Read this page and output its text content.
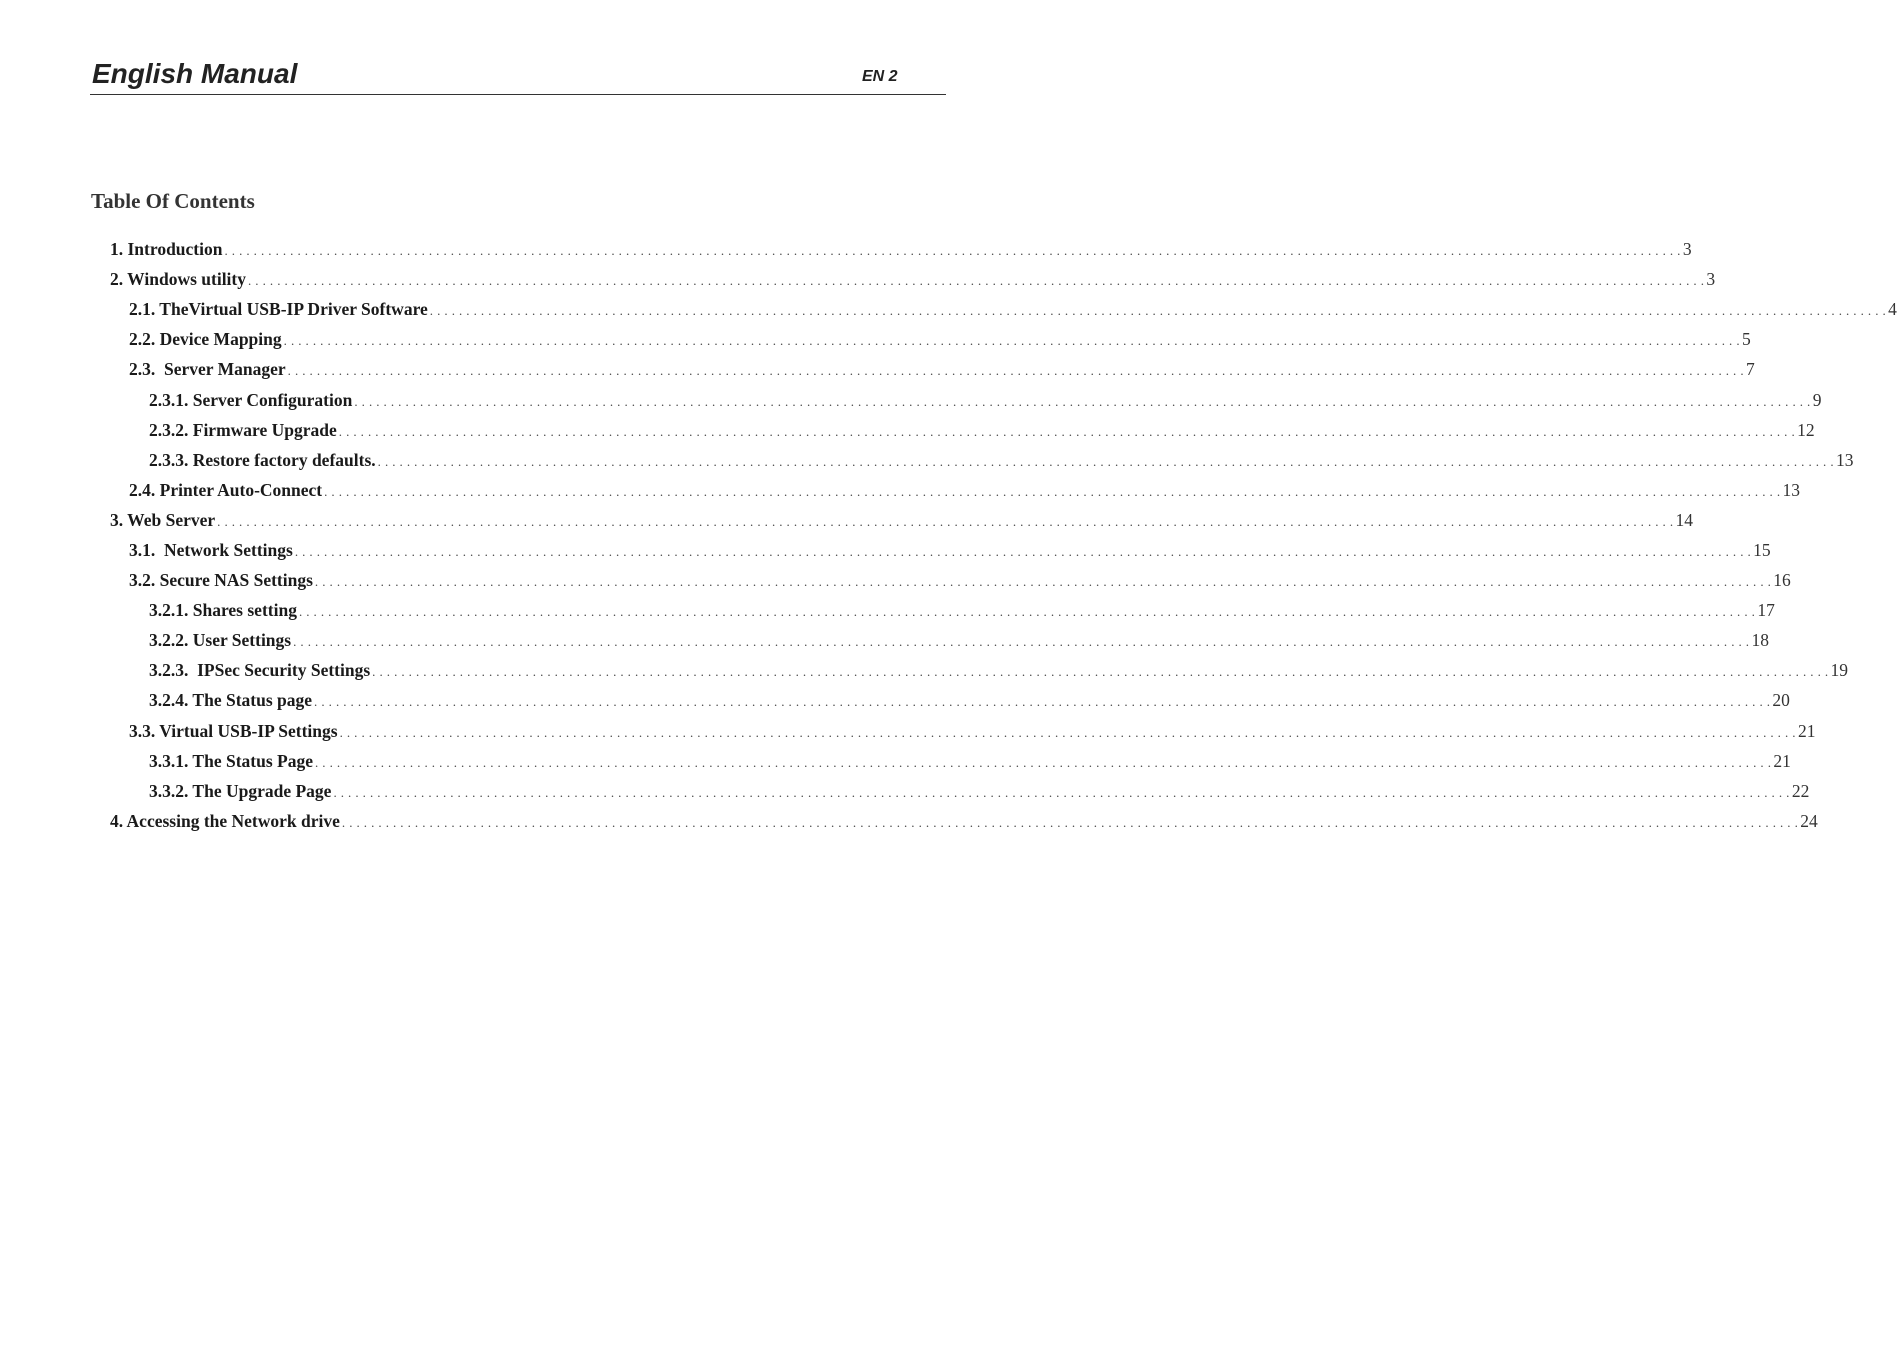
English Manual	EN 2
Table Of Contents
1. Introduction . . . . . . . . . . . . . . . . . . . . . . . . . . . . . . . . . . . . . . . . . . . . . . . . . . . . . . . . . . . . . . . . . . . . . . . . . . . . . . . . . . . . . . . . . . . . . . . . . . . . . . . . . . . . . . . . . . . . . . . . . . . . . . . . . . . . . . . . . . . . . . . . . . . . . . . . . . . . . . . . . . . . . . . . . . . . . . . . . . . . . . . . . . . . . . . . . . . . . . . . 3
2. Windows utility . . . . . . . . . . . . . . . . . . . . . . . . . . . . . . . . . . . . . . . . . . . . . . . . . . . . . . . . . . . . . . . . . . . . . . . . . . . . . . . . . . . . . . . . . . . . . . . . . . . . . . . . . . . . . . . . . . . . . . . . . . . . . . . . . . . . . . . . . . . . . . . . . . . . . . . . . . . . . . . . . . . . . . . . . . . . . . . . . . . . . . . . . . . . . . . . . . . . . . . . 3
2.1. TheVirtual USB-IP Driver Software . . . . . . . . . . . . . . . . . . . . . . . . . . . . . . . . . . . . . . . . . . . . . . . . . . . . . . . . . . . . . . . . . . . . . . . . . . . . . . . . . . . . . . . . . . . . . . . . . . . . . . . . . . . . . . . . . . . . . . . . . . . . . . . . . . . . . . . . . . . . . . . . . . . . . . . . . . . . . . . . . . . . . . . . . . . . . . . . . . . . . . . . . . . . . . . . . . . . . . . . 4
2.2. Device Mapping . . . . . . . . . . . . . . . . . . . . . . . . . . . . . . . . . . . . . . . . . . . . . . . . . . . . . . . . . . . . . . . . . . . . . . . . . . . . . . . . . . . . . . . . . . . . . . . . . . . . . . . . . . . . . . . . . . . . . . . . . . . . . . . . . . . . . . . . . . . . . . . . . . . . . . . . . . . . . . . . . . . . . . . . . . . . . . . . . . . . . . . . . . . . . . . . . . . . . . . . 5
2.3.  Server Manager . . . . . . . . . . . . . . . . . . . . . . . . . . . . . . . . . . . . . . . . . . . . . . . . . . . . . . . . . . . . . . . . . . . . . . . . . . . . . . . . . . . . . . . . . . . . . . . . . . . . . . . . . . . . . . . . . . . . . . . . . . . . . . . . . . . . . . . . . . . . . . . . . . . . . . . . . . . . . . . . . . . . . . . . . . . . . . . . . . . . . . . . . . . . . . . . . . . . . . . . 7
2.3.1. Server Configuration . . . . . . . . . . . . . . . . . . . . . . . . . . . . . . . . . . . . . . . . . . . . . . . . . . . . . . . . . . . . . . . . . . . . . . . . . . . . . . . . . . . . . . . . . . . . . . . . . . . . . . . . . . . . . . . . . . . . . . . . . . . . . . . . . . . . . . . . . . . . . . . . . . . . . . . . . . . . . . . . . . . . . . . . . . . . . . . . . . . . . . . . . . . . . . . . . . . . . . . . 9
2.3.2. Firmware Upgrade . . . . . . . . . . . . . . . . . . . . . . . . . . . . . . . . . . . . . . . . . . . . . . . . . . . . . . . . . . . . . . . . . . . . . . . . . . . . . . . . . . . . . . . . . . . . . . . . . . . . . . . . . . . . . . . . . . . . . . . . . . . . . . . . . . . . . . . . . . . . . . . . . . . . . . . . . . . . . . . . . . . . . . . . . . . . . . . . . . . . . . . . . . . . . . . . . . . . . . . . 12
2.3.3. Restore factory defaults. . . . . . . . . . . . . . . . . . . . . . . . . . . . . . . . . . . . . . . . . . . . . . . . . . . . . . . . . . . . . . . . . . . . . . . . . . . . . . . . . . . . . . . . . . . . . . . . . . . . . . . . . . . . . . . . . . . . . . . . . . . . . . . . . . . . . . . . . . . . . . . . . . . . . . . . . . . . . . . . . . . . . . . . . . . . . . . . . . . . . . . . . . . . . . . . . . . . . . . . . 13
2.4. Printer Auto-Connect . . . . . . . . . . . . . . . . . . . . . . . . . . . . . . . . . . . . . . . . . . . . . . . . . . . . . . . . . . . . . . . . . . . . . . . . . . . . . . . . . . . . . . . . . . . . . . . . . . . . . . . . . . . . . . . . . . . . . . . . . . . . . . . . . . . . . . . . . . . . . . . . . . . . . . . . . . . . . . . . . . . . . . . . . . . . . . . . . . . . . . . . . . . . . . . . . . . . . . . . 13
3. Web Server . . . . . . . . . . . . . . . . . . . . . . . . . . . . . . . . . . . . . . . . . . . . . . . . . . . . . . . . . . . . . . . . . . . . . . . . . . . . . . . . . . . . . . . . . . . . . . . . . . . . . . . . . . . . . . . . . . . . . . . . . . . . . . . . . . . . . . . . . . . . . . . . . . . . . . . . . . . . . . . . . . . . . . . . . . . . . . . . . . . . . . . . . . . . . . . . . . . . . . . . 14
3.1.  Network Settings . . . . . . . . . . . . . . . . . . . . . . . . . . . . . . . . . . . . . . . . . . . . . . . . . . . . . . . . . . . . . . . . . . . . . . . . . . . . . . . . . . . . . . . . . . . . . . . . . . . . . . . . . . . . . . . . . . . . . . . . . . . . . . . . . . . . . . . . . . . . . . . . . . . . . . . . . . . . . . . . . . . . . . . . . . . . . . . . . . . . . . . . . . . . . . . . . . . . . . . . 15
3.2. Secure NAS Settings . . . . . . . . . . . . . . . . . . . . . . . . . . . . . . . . . . . . . . . . . . . . . . . . . . . . . . . . . . . . . . . . . . . . . . . . . . . . . . . . . . . . . . . . . . . . . . . . . . . . . . . . . . . . . . . . . . . . . . . . . . . . . . . . . . . . . . . . . . . . . . . . . . . . . . . . . . . . . . . . . . . . . . . . . . . . . . . . . . . . . . . . . . . . . . . . . . . . . . . . 16
3.2.1. Shares setting . . . . . . . . . . . . . . . . . . . . . . . . . . . . . . . . . . . . . . . . . . . . . . . . . . . . . . . . . . . . . . . . . . . . . . . . . . . . . . . . . . . . . . . . . . . . . . . . . . . . . . . . . . . . . . . . . . . . . . . . . . . . . . . . . . . . . . . . . . . . . . . . . . . . . . . . . . . . . . . . . . . . . . . . . . . . . . . . . . . . . . . . . . . . . . . . . . . . . . . . 17
3.2.2. User Settings . . . . . . . . . . . . . . . . . . . . . . . . . . . . . . . . . . . . . . . . . . . . . . . . . . . . . . . . . . . . . . . . . . . . . . . . . . . . . . . . . . . . . . . . . . . . . . . . . . . . . . . . . . . . . . . . . . . . . . . . . . . . . . . . . . . . . . . . . . . . . . . . . . . . . . . . . . . . . . . . . . . . . . . . . . . . . . . . . . . . . . . . . . . . . . . . . . . . . . . . 18
3.2.3.  IPSec Security Settings . . . . . . . . . . . . . . . . . . . . . . . . . . . . . . . . . . . . . . . . . . . . . . . . . . . . . . . . . . . . . . . . . . . . . . . . . . . . . . . . . . . . . . . . . . . . . . . . . . . . . . . . . . . . . . . . . . . . . . . . . . . . . . . . . . . . . . . . . . . . . . . . . . . . . . . . . . . . . . . . . . . . . . . . . . . . . . . . . . . . . . . . . . . . . . . . . . . . . . . . 19
3.2.4. The Status page . . . . . . . . . . . . . . . . . . . . . . . . . . . . . . . . . . . . . . . . . . . . . . . . . . . . . . . . . . . . . . . . . . . . . . . . . . . . . . . . . . . . . . . . . . . . . . . . . . . . . . . . . . . . . . . . . . . . . . . . . . . . . . . . . . . . . . . . . . . . . . . . . . . . . . . . . . . . . . . . . . . . . . . . . . . . . . . . . . . . . . . . . . . . . . . . . . . . . . . . 20
3.3. Virtual USB-IP Settings . . . . . . . . . . . . . . . . . . . . . . . . . . . . . . . . . . . . . . . . . . . . . . . . . . . . . . . . . . . . . . . . . . . . . . . . . . . . . . . . . . . . . . . . . . . . . . . . . . . . . . . . . . . . . . . . . . . . . . . . . . . . . . . . . . . . . . . . . . . . . . . . . . . . . . . . . . . . . . . . . . . . . . . . . . . . . . . . . . . . . . . . . . . . . . . . . . . . . . . . 21
3.3.1. The Status Page . . . . . . . . . . . . . . . . . . . . . . . . . . . . . . . . . . . . . . . . . . . . . . . . . . . . . . . . . . . . . . . . . . . . . . . . . . . . . . . . . . . . . . . . . . . . . . . . . . . . . . . . . . . . . . . . . . . . . . . . . . . . . . . . . . . . . . . . . . . . . . . . . . . . . . . . . . . . . . . . . . . . . . . . . . . . . . . . . . . . . . . . . . . . . . . . . . . . . . . . 21
3.3.2. The Upgrade Page . . . . . . . . . . . . . . . . . . . . . . . . . . . . . . . . . . . . . . . . . . . . . . . . . . . . . . . . . . . . . . . . . . . . . . . . . . . . . . . . . . . . . . . . . . . . . . . . . . . . . . . . . . . . . . . . . . . . . . . . . . . . . . . . . . . . . . . . . . . . . . . . . . . . . . . . . . . . . . . . . . . . . . . . . . . . . . . . . . . . . . . . . . . . . . . . . . . . . . . . 22
4. Accessing the Network drive . . . . . . . . . . . . . . . . . . . . . . . . . . . . . . . . . . . . . . . . . . . . . . . . . . . . . . . . . . . . . . . . . . . . . . . . . . . . . . . . . . . . . . . . . . . . . . . . . . . . . . . . . . . . . . . . . . . . . . . . . . . . . . . . . . . . . . . . . . . . . . . . . . . . . . . . . . . . . . . . . . . . . . . . . . . . . . . . . . . . . . . . . . . . . . . . . . . . . . . . 24
